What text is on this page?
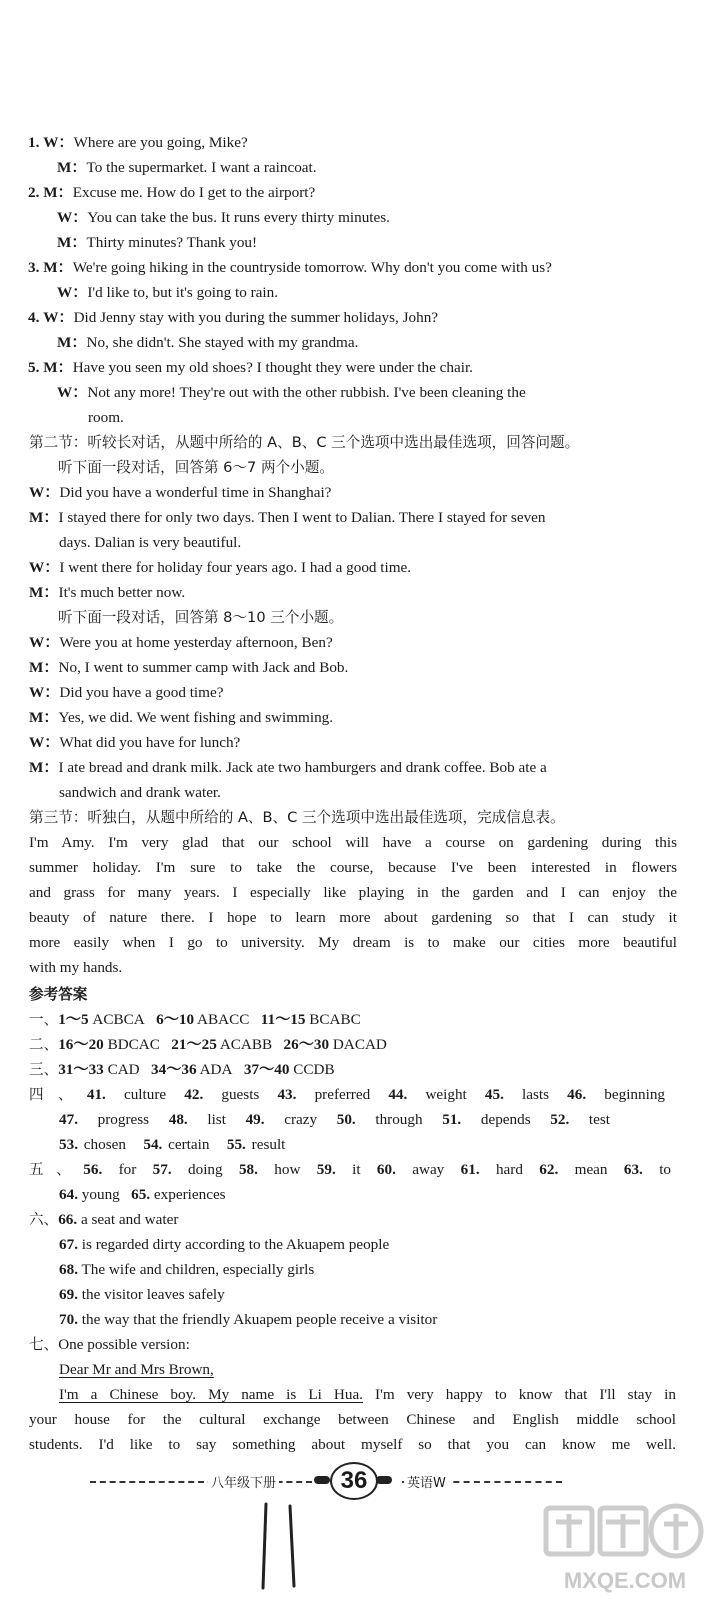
1. W：Where are you going, Mike?
M：To the supermarket. I want a raincoat.
2. M：Excuse me. How do I get to the airport?
W：You can take the bus. It runs every thirty minutes.
M：Thirty minutes? Thank you!
3. M：We're going hiking in the countryside tomorrow. Why don't you come with us?
W：I'd like to, but it's going to rain.
4. W：Did Jenny stay with you during the summer holidays, John?
M：No, she didn't. She stayed with my grandma.
5. M：Have you seen my old shoes? I thought they were under the chair.
W：Not any more! They're out with the other rubbish. I've been cleaning the
room.
第二节：听较长对话，从题中所给的 A、B、C 三个选项中选出最佳选项，回答问题。
听下面一段对话，回答第 6～7 两个小题。
W：Did you have a wonderful time in Shanghai?
M：I stayed there for only two days. Then I went to Dalian. There I stayed for seven
days. Dalian is very beautiful.
W：I went there for holiday four years ago. I had a good time.
M：It's much better now.
听下面一段对话，回答第 8～10 三个小题。
W：Were you at home yesterday afternoon, Ben?
M：No, I went to summer camp with Jack and Bob.
W：Did you have a good time?
M：Yes, we did. We went fishing and swimming.
W：What did you have for lunch?
M：I ate bread and drank milk. Jack ate two hamburgers and drank coffee. Bob ate a
sandwich and drank water.
第三节：听独白，从题中所给的 A、B、C 三个选项中选出最佳选项，完成信息表。
I'm Amy. I'm very glad that our school will have a course on gardening during this
summer holiday. I'm sure to take the course, because I've been interested in flowers
and grass for many years. I especially like playing in the garden and I can enjoy the
beauty of nature there. I hope to learn more about gardening so that I can study it
more easily when I go to university. My dream is to make our cities more beautiful
with my hands.
参考答案
一、1～5 ACBCA 6～10 ABACC 11～15 BCABC
二、16～20 BDCAC 21～25 ACABB 26～30 DACAD
三、31～33 CAD 34～36 ADA 37～40 CCDB
四、41. culture 42. guests 43. preferred 44. weight 45. lasts 46. beginning
47. progress 48. list 49. crazy 50. through 51. depends 52. test
53. chosen 54. certain 55. result
五、56. for 57. doing 58. how 59. it 60. away 61. hard 62. mean 63. to
64. young 65. experiences
六、66. a seat and water
67. is regarded dirty according to the Akuapem people
68. The wife and children, especially girls
69. the visitor leaves safely
70. the way that the friendly Akuapem people receive a visitor
七、One possible version:
Dear Mr and Mrs Brown,
I'm a Chinese boy. My name is Li Hua. I'm very happy to know that I'll stay in
your house for the cultural exchange between Chinese and English middle school
students. I'd like to say something about myself so that you can know me well.
八年级下册	36	英语W
MXQE.COM
